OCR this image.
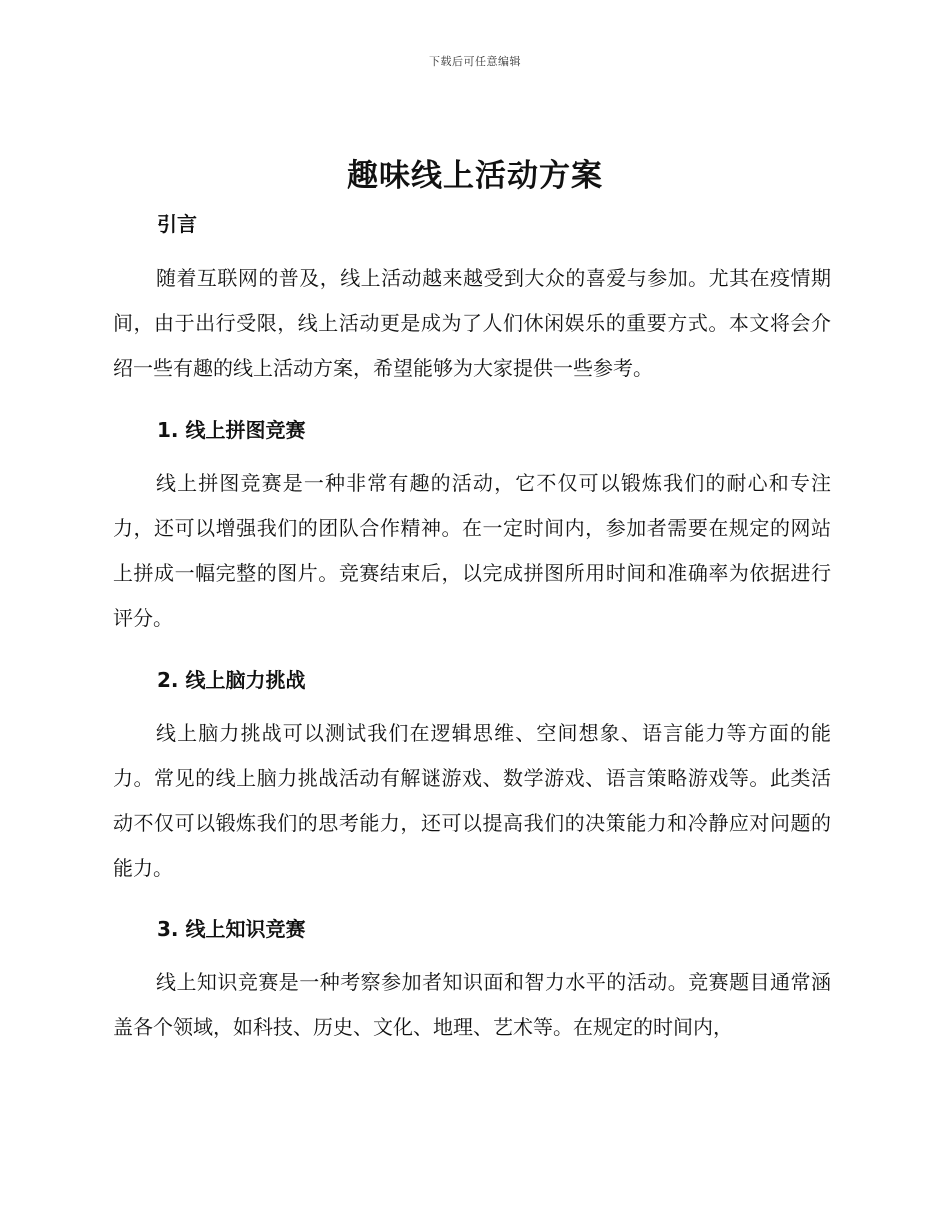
下载后可任意编辑
趣味线上活动方案
引言

随着互联网的普及，线上活动越来越受到大众的喜爱与参加。尤其在疫情期间，由于出行受限，线上活动更是成为了人们休闲娱乐的重要方式。本文将会介绍一些有趣的线上活动方案，希望能够为大家提供一些参考。

1. 线上拼图竞赛

线上拼图竞赛是一种非常有趣的活动，它不仅可以锻炼我们的耐心和专注力，还可以增强我们的团队合作精神。在一定时间内，参加者需要在规定的网站上拼成一幅完整的图片。竞赛结束后，以完成拼图所用时间和准确率为依据进行评分。

2. 线上脑力挑战

线上脑力挑战可以测试我们在逻辑思维、空间想象、语言能力等方面的能力。常见的线上脑力挑战活动有解谜游戏、数学游戏、语言策略游戏等。此类活动不仅可以锻炼我们的思考能力，还可以提高我们的决策能力和冷静应对问题的能力。

3. 线上知识竞赛

线上知识竞赛是一种考察参加者知识面和智力水平的活动。竞赛题目通常涵盖各个领域，如科技、历史、文化、地理、艺术等。在规定的时间内，
